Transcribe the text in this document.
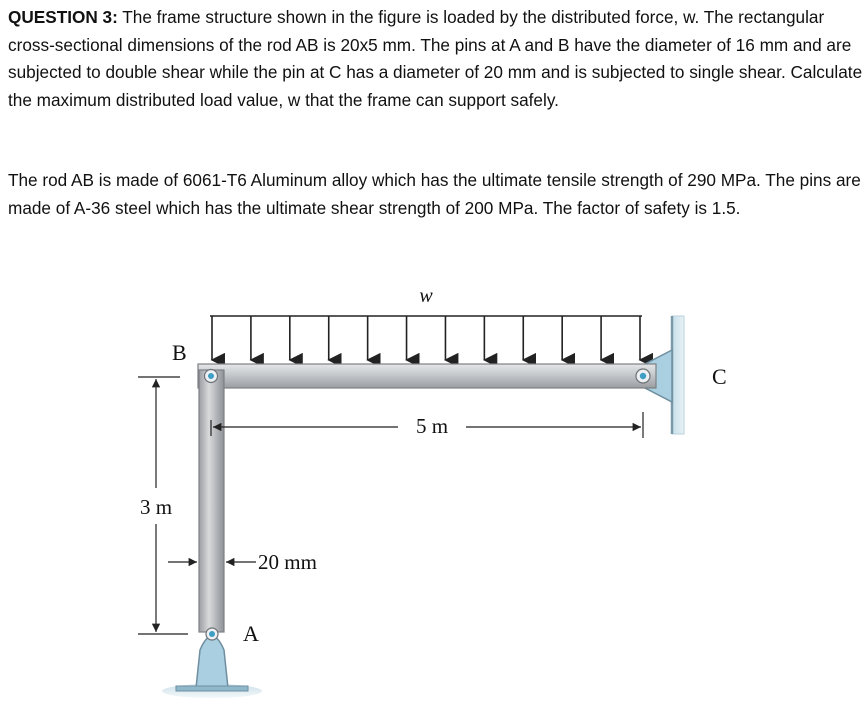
QUESTION 3: The frame structure shown in the figure is loaded by the distributed force, w. The rectangular cross-sectional dimensions of the rod AB is 20x5 mm. The pins at A and B have the diameter of 16 mm and are subjected to double shear while the pin at C has a diameter of 20 mm and is subjected to single shear. Calculate the maximum distributed load value, w that the frame can support safely.

The rod AB is made of 6061-T6 Aluminum alloy which has the ultimate tensile strength of 290 MPa. The pins are made of A-36 steel which has the ultimate shear strength of 200 MPa. The factor of safety is 1.5.

w
B
C
A
5 m
3 m
20 mm
